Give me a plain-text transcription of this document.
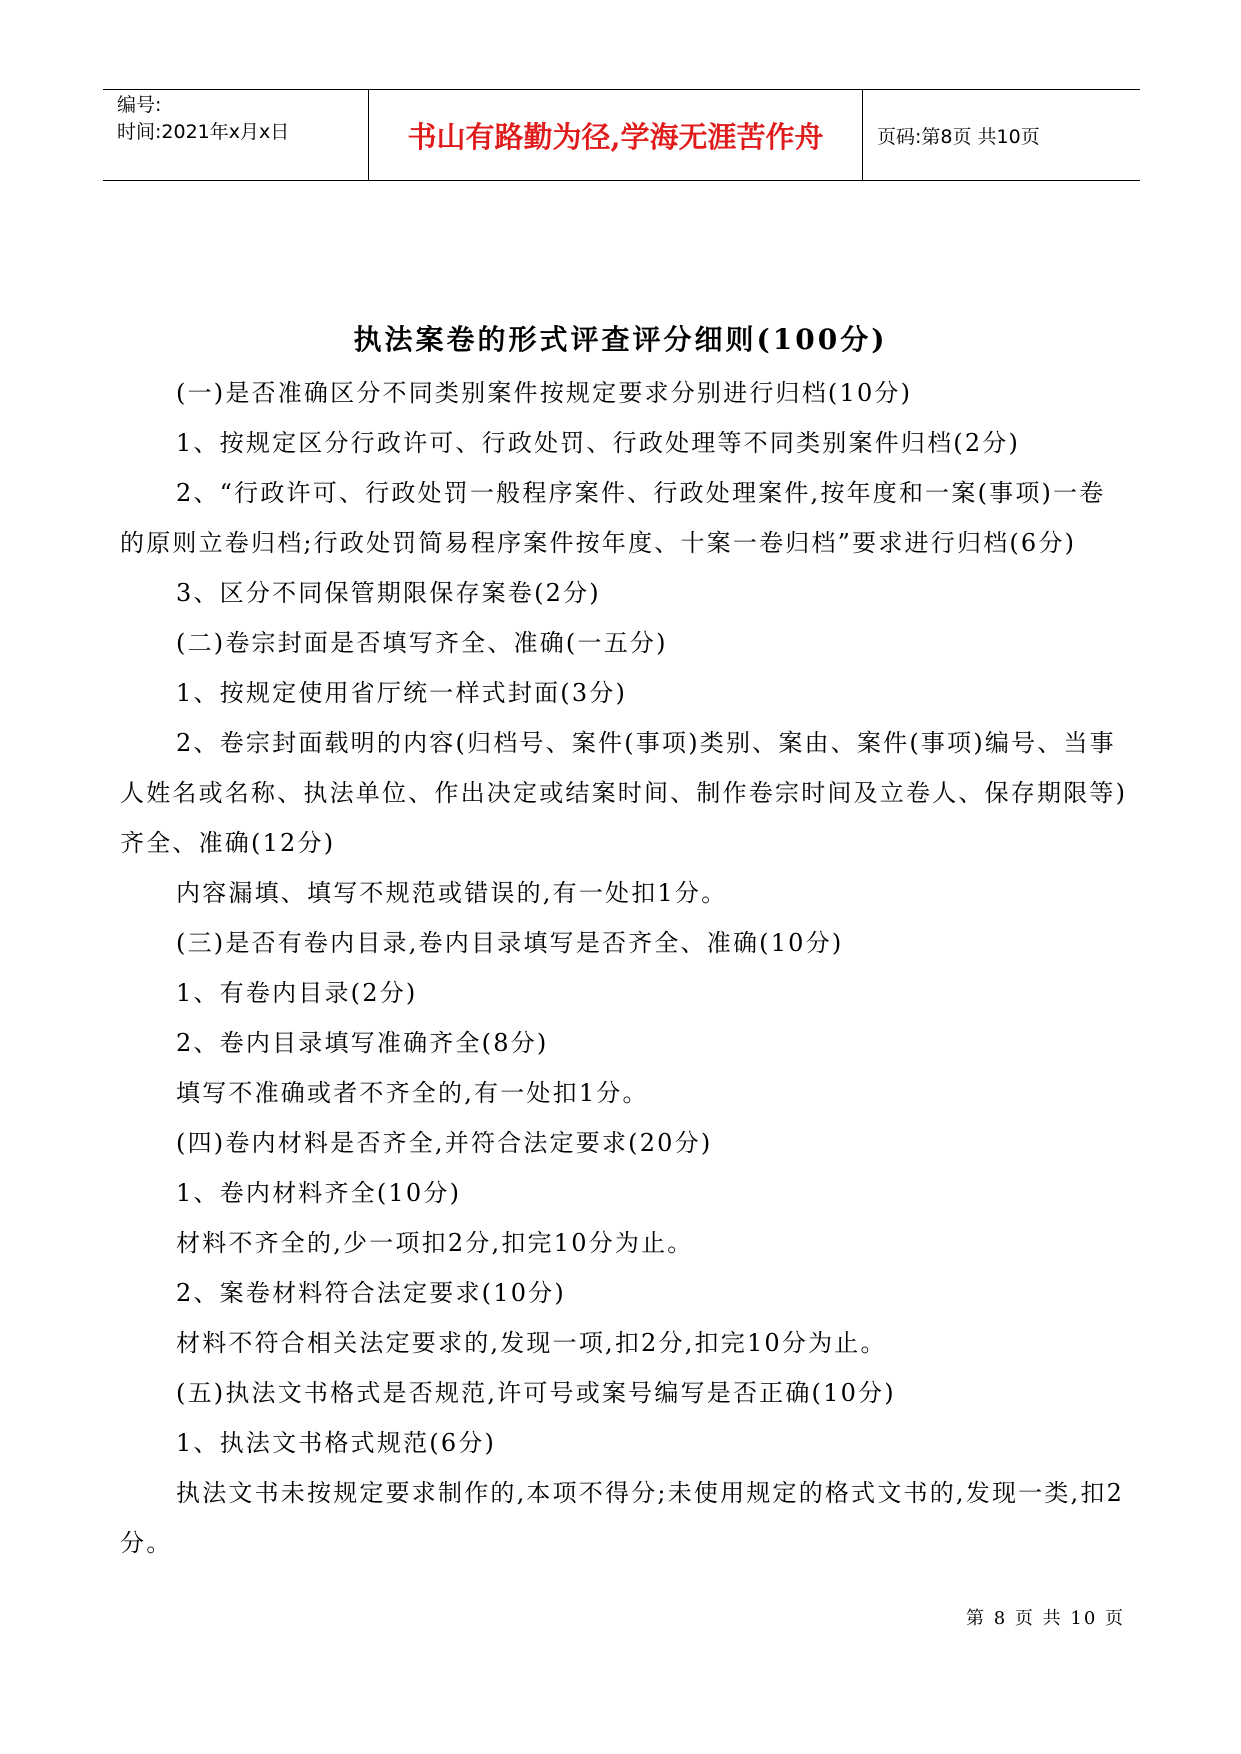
编号:
时间:2021年x月x日	书山有路勤为径,学海无涯苦作舟	页码:第8页 共10页
执法案卷的形式评查评分细则(100分)

(一)是否准确区分不同类别案件按规定要求分别进行归档(10分)

1、按规定区分行政许可、行政处罚、行政处理等不同类别案件归档(2分)

2、“行政许可、行政处罚一般程序案件、行政处理案件,按年度和一案(事项)一卷的原则立卷归档;行政处罚简易程序案件按年度、十案一卷归档”要求进行归档(6分)

3、区分不同保管期限保存案卷(2分)

(二)卷宗封面是否填写齐全、准确(一五分)

1、按规定使用省厅统一样式封面(3分)

2、卷宗封面载明的内容(归档号、案件(事项)类别、案由、案件(事项)编号、当事人姓名或名称、执法单位、作出决定或结案时间、制作卷宗时间及立卷人、保存期限等)齐全、准确(12分)

内容漏填、填写不规范或错误的,有一处扣1分。

(三)是否有卷内目录,卷内目录填写是否齐全、准确(10分)

1、有卷内目录(2分)

2、卷内目录填写准确齐全(8分)

填写不准确或者不齐全的,有一处扣1分。

(四)卷内材料是否齐全,并符合法定要求(20分)

1、卷内材料齐全(10分)

材料不齐全的,少一项扣2分,扣完10分为止。

2、案卷材料符合法定要求(10分)

材料不符合相关法定要求的,发现一项,扣2分,扣完10分为止。

(五)执法文书格式是否规范,许可号或案号编写是否正确(10分)

1、执法文书格式规范(6分)

执法文书未按规定要求制作的,本项不得分;未使用规定的格式文书的,发现一类,扣2分。

第 8 页 共 10 页
